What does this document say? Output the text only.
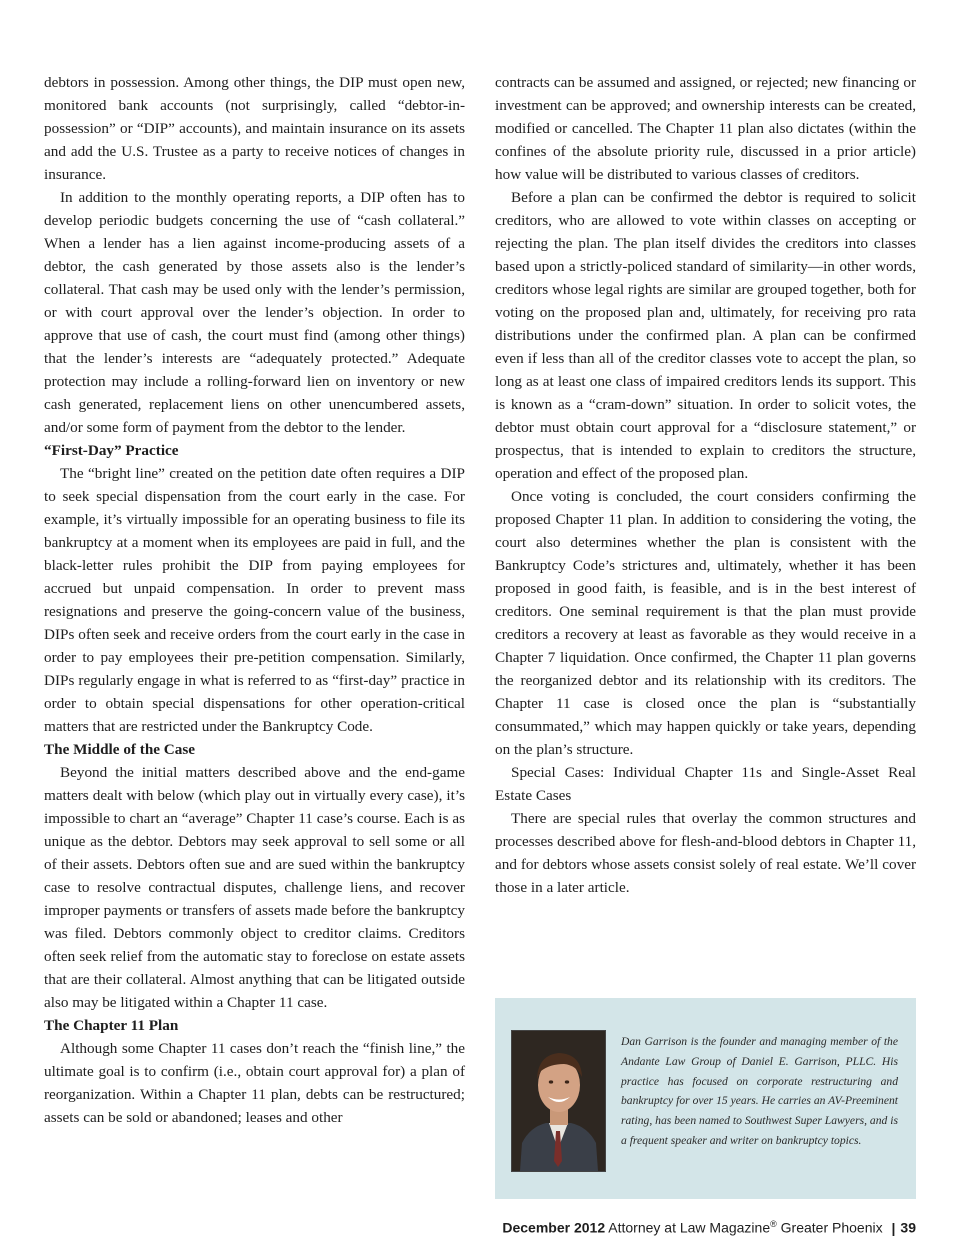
debtors in possession. Among other things, the DIP must open new, monitored bank accounts (not surprisingly, called “debtor-in-possession” or “DIP” accounts), and maintain insurance on its assets and add the U.S. Trustee as a party to receive notices of changes in insurance.

In addition to the monthly operating reports, a DIP often has to develop periodic budgets concerning the use of “cash collateral.” When a lender has a lien against income-producing assets of a debtor, the cash generated by those assets also is the lender’s collateral. That cash may be used only with the lender’s permission, or with court approval over the lender’s objection. In order to approve that use of cash, the court must find (among other things) that the lender’s interests are “adequately protected.” Adequate protection may include a rolling-forward lien on inventory or new cash generated, replacement liens on other unencumbered assets, and/or some form of payment from the debtor to the lender.

“First-Day” Practice

The “bright line” created on the petition date often requires a DIP to seek special dispensation from the court early in the case. For example, it’s virtually impossible for an operating business to file its bankruptcy at a moment when its employees are paid in full, and the black-letter rules prohibit the DIP from paying employees for accrued but unpaid compensation. In order to prevent mass resignations and preserve the going-concern value of the business, DIPs often seek and receive orders from the court early in the case in order to pay employees their pre-petition compensation. Similarly, DIPs regularly engage in what is referred to as “first-day” practice in order to obtain special dispensations for other operation-critical matters that are restricted under the Bankruptcy Code.

The Middle of the Case

Beyond the initial matters described above and the end-game matters dealt with below (which play out in virtually every case), it’s impossible to chart an “average” Chapter 11 case’s course. Each is as unique as the debtor. Debtors may seek approval to sell some or all of their assets. Debtors often sue and are sued within the bankruptcy case to resolve contractual disputes, challenge liens, and recover improper payments or transfers of assets made before the bankruptcy was filed. Debtors commonly object to creditor claims. Creditors often seek relief from the automatic stay to foreclose on estate assets that are their collateral. Almost anything that can be litigated outside also may be litigated within a Chapter 11 case.

The Chapter 11 Plan

Although some Chapter 11 cases don’t reach the “finish line,” the ultimate goal is to confirm (i.e., obtain court approval for) a plan of reorganization. Within a Chapter 11 plan, debts can be restructured; assets can be sold or abandoned; leases and other

contracts can be assumed and assigned, or rejected; new financing or investment can be approved; and ownership interests can be created, modified or cancelled. The Chapter 11 plan also dictates (within the confines of the absolute priority rule, discussed in a prior article) how value will be distributed to various classes of creditors.

Before a plan can be confirmed the debtor is required to solicit creditors, who are allowed to vote within classes on accepting or rejecting the plan. The plan itself divides the creditors into classes based upon a strictly-policed standard of similarity—in other words, creditors whose legal rights are similar are grouped together, both for voting on the proposed plan and, ultimately, for receiving pro rata distributions under the confirmed plan. A plan can be confirmed even if less than all of the creditor classes vote to accept the plan, so long as at least one class of impaired creditors lends its support. This is known as a “cram-down” situation. In order to solicit votes, the debtor must obtain court approval for a “disclosure statement,” or prospectus, that is intended to explain to creditors the structure, operation and effect of the proposed plan.

Once voting is concluded, the court considers confirming the proposed Chapter 11 plan. In addition to considering the voting, the court also determines whether the plan is consistent with the Bankruptcy Code’s strictures and, ultimately, whether it has been proposed in good faith, is feasible, and is in the best interest of creditors. One seminal requirement is that the plan must provide creditors a recovery at least as favorable as they would receive in a Chapter 7 liquidation. Once confirmed, the Chapter 11 plan governs the reorganized debtor and its relationship with its creditors. The Chapter 11 case is closed once the plan is “substantially consummated,” which may happen quickly or take years, depending on the plan’s structure.

Special Cases: Individual Chapter 11s and Single-Asset Real Estate Cases

There are special rules that overlay the common structures and processes described above for flesh-and-blood debtors in Chapter 11, and for debtors whose assets consist solely of real estate. We’ll cover those in a later article.

Dan Garrison is the founder and managing member of the Andante Law Group of Daniel E. Garrison, PLLC. His practice has focused on corporate restructuring and bankruptcy for over 15 years. He carries an AV-Preeminent rating, has been named to Southwest Super Lawyers, and is a frequent speaker and writer on bankruptcy topics.
December 2012 Attorney at Law Magazine® Greater Phoenix | 39
